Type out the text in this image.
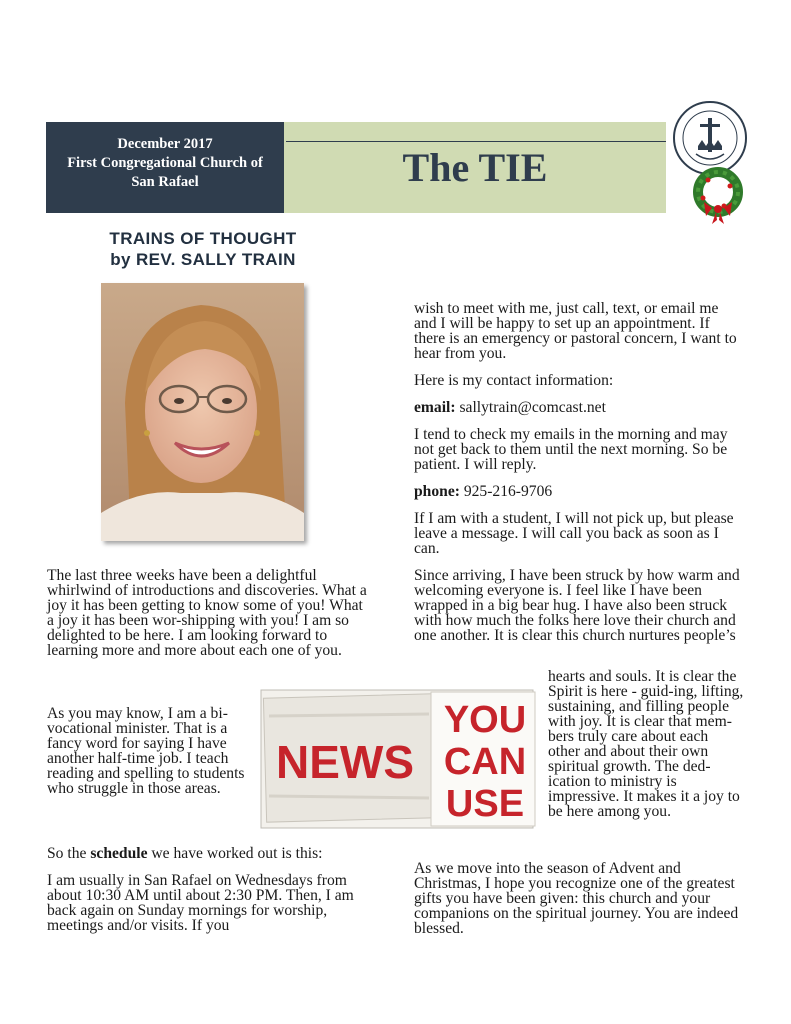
December 2017
First Congregational Church of
San Rafael	The TIE
TRAINS OF THOUGHT
by REV. SALLY TRAIN

The last three weeks have been a delightful whirlwind of introductions and discoveries. What a joy it has been getting to know some of you! What a joy it has been wor-shipping with you! I am so delighted to be here. I am looking forward to learning more and more about each one of you.

As you may know, I am a bi-vocational minister. That is a fancy word for saying I have another half-time job. I teach reading and spelling to students who struggle in those areas.

So the schedule we have worked out is this:

I am usually in San Rafael on Wednesdays from about 10:30 AM until about 2:30 PM. Then, I am back again on Sunday mornings for worship, meetings and/or visits. If you

NEWS
YOU
CAN
USE

wish to meet with me, just call, text, or email me and I will be happy to set up an appointment. If there is an emergency or pastoral concern, I want to hear from you.

Here is my contact information:

email: sallytrain@comcast.net

I tend to check my emails in the morning and may not get back to them until the next morning. So be patient. I will reply.

phone: 925-216-9706

If I am with a student, I will not pick up, but please leave a message. I will call you back as soon as I can.

Since arriving, I have been struck by how warm and welcoming everyone is. I feel like I have been wrapped in a big bear hug. I have also been struck with how much the folks here love their church and one another. It is clear this church nurtures people’s

hearts and souls. It is clear the Spirit is here - guid-ing, lifting, sustaining, and filling people with joy. It is clear that mem-bers truly care about each other and about their own spiritual growth. The ded-ication to ministry is impressive. It makes it a joy to be here among you.

As we move into the season of Advent and Christmas, I hope you recognize one of the greatest gifts you have been given: this church and your companions on the spiritual journey. You are indeed blessed.
